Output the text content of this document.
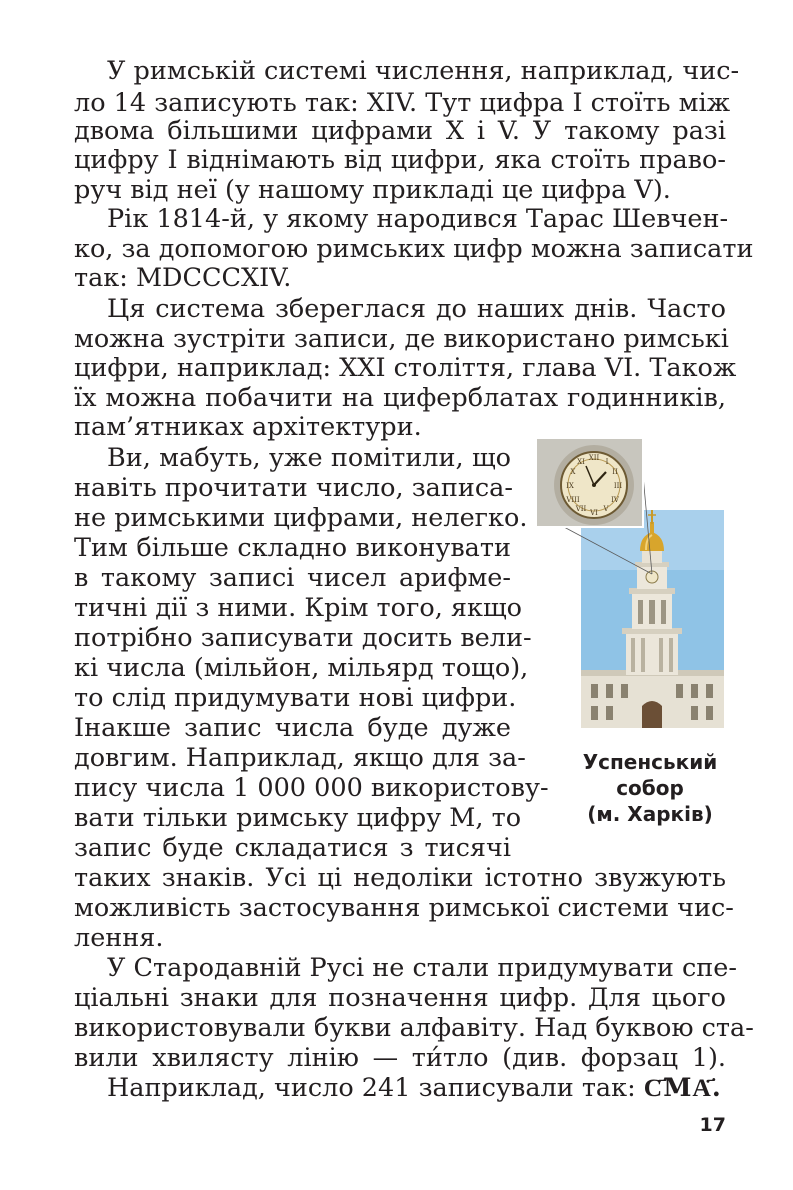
У римській системі числення, наприклад, чис-
ло 14 записують так: XIV. Тут цифра I стоїть між
двома більшими цифрами X і V. У такому разі
цифру I віднімають від цифри, яка стоїть право-
руч від неї (у нашому прикладі це цифра V).
Рік 1814-й, у якому народився Тарас Шевчен-
ко, за допомогою римських цифр можна записати
так: MDCCCXIV.
Ця система збереглася до наших днів. Часто
можна зустріти записи, де використано римські
цифри, наприклад: XXI століття, глава VI. Також
їх можна побачити на циферблатах годинників,
пам’ятниках архітектури.
Ви, мабуть, уже помітили, що
навіть прочитати число, записа-
не римськими цифрами, нелегко.
Тим більше складно виконувати
в такому записі чисел арифме-
тичні дії з ними. Крім того, якщо
потрібно записувати досить вели-
кі числа (мільйон, мільярд тощо),
то слід придумувати нові цифри.
Інакше запис числа буде дуже
довгим. Наприклад, якщо для за-
пису числа 1 000 000 використову-
вати тільки римську цифру M, то
запис буде складатися з тисячі
таких знаків. Усі ці недоліки істотно звужують
можливість застосування римської системи чис-
лення.
У Стародавній Русі не стали придумувати спе-
ціальні знаки для позначення цифр. Для цього
використовували букви алфавіту. Над буквою ста-
вили хвилясту лінію — ти́тло (див. форзац 1).
Наприклад, число 241 записували так: С҃МА҃.
XII
III
VI
IX
I
II
IV
V
VII
VIII
X
XI
Успенський
собор
(м. Харків)
17
